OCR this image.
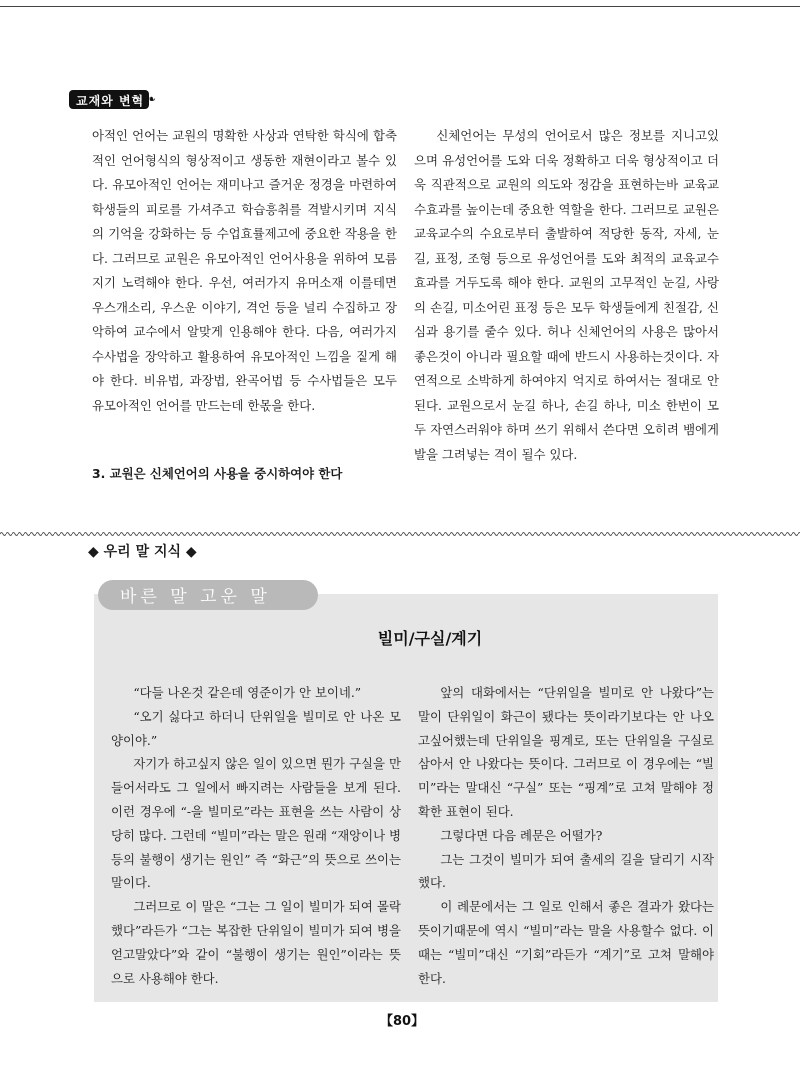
교재와 변혁 ❧

아적인 언어는 교원의 명확한 사상과 연탁한 학식에 합축적인 언어형식의 형상적이고 생동한 재현이라고 볼수 있다. 유모아적인 언어는 재미나고 즐거운 정경을 마련하여 학생들의 피로를 가셔주고 학습흥취를 격발시키며 지식의 기억을 강화하는 등 수업효률제고에 중요한 작용을 한다. 그러므로 교원은 유모아적인 언어사용을 위하여 모름지기 노력해야 한다. 우선, 여러가지 유머소재 이를테면 우스개소리, 우스운 이야기, 격언 등을 널리 수집하고 장악하여 교수에서 알맞게 인용해야 한다. 다음, 여러가지 수사법을 장악하고 활용하여 유모아적인 느낌을 짙게 해야 한다. 비유법, 과장법, 완곡어법 등 수사법들은 모두 유모아적인 언어를 만드는데 한몫을 한다.

3. 교원은 신체언어의 사용을 중시하여야 한다

신체언어는 무성의 언어로서 많은 정보를 지니고있으며 유성언어를 도와 더욱 정확하고 더욱 형상적이고 더욱 직관적으로 교원의 의도와 정감을 표현하는바 교육교수효과를 높이는데 중요한 역할을 한다. 그러므로 교원은 교육교수의 수요로부터 출발하여 적당한 동작, 자세, 눈길, 표정, 조형 등으로 유성언어를 도와 최적의 교육교수효과를 거두도록 해야 한다. 교원의 고무적인 눈길, 사랑의 손길, 미소어린 표정 등은 모두 학생들에게 친절감, 신심과 용기를 줄수 있다. 허나 신체언어의 사용은 많아서 좋은것이 아니라 필요할 때에 반드시 사용하는것이다. 자연적으로 소박하게 하여야지 억지로 하여서는 절대로 안된다. 교원으로서 눈길 하나, 손길 하나, 미소 한번이 모두 자연스러워야 하며 쓰기 위해서 쓴다면 오히려 뱀에게 발을 그려넣는 격이 될수 있다.

◆ 우리 말 지식 ◆
바른 말 고운 말
빌미/구실/계기

“다들 나온것 같은데 영준이가 안 보이네.”

“오기 싫다고 하더니 단위일을 빌미로 안 나온 모양이야.”

자기가 하고싶지 않은 일이 있으면 뭔가 구실을 만들어서라도 그 일에서 빠지려는 사람들을 보게 된다. 이런 경우에 “-을 빌미로”라는 표현을 쓰는 사람이 상당히 많다. 그런데 “빌미”라는 말은 원래 “재앙이나 병 등의 불행이 생기는 원인” 즉 “화근”의 뜻으로 쓰이는 말이다.

그러므로 이 말은 “그는 그 일이 빌미가 되여 몰락했다”라든가 “그는 복잡한 단위일이 빌미가 되여 병을 얻고말았다”와 같이 “불행이 생기는 원인”이라는 뜻으로 사용해야 한다.

앞의 대화에서는 “단위일을 빌미로 안 나왔다”는 말이 단위일이 화근이 됐다는 뜻이라기보다는 안 나오고싶어했는데 단위일을 핑계로, 또는 단위일을 구실로 삼아서 안 나왔다는 뜻이다. 그러므로 이 경우에는 “빌미”라는 말대신 “구실” 또는 “핑계”로 고쳐 말해야 정확한 표현이 된다.

그렇다면 다음 례문은 어떨가?

그는 그것이 빌미가 되여 출세의 길을 달리기 시작했다.

이 례문에서는 그 일로 인해서 좋은 결과가 왔다는 뜻이기때문에 역시 “빌미”라는 말을 사용할수 없다. 이때는 “빌미”대신 “기회”라든가 “계기”로 고쳐 말해야 한다.

【80】
